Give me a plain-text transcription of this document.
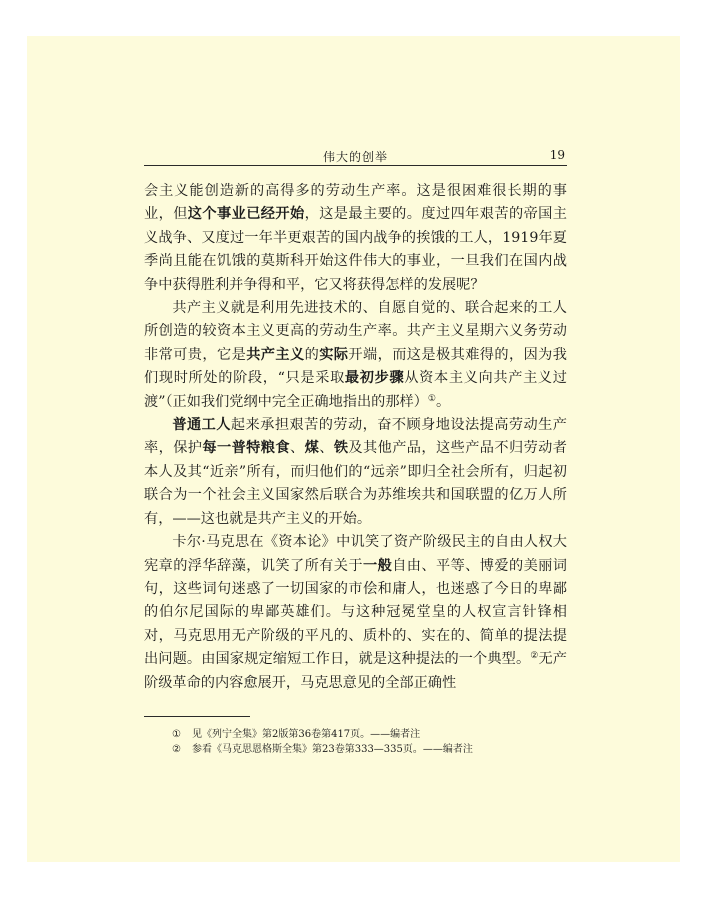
伟大的创举	19

会主义能创造新的高得多的劳动生产率。这是很困难很长期的事业，但这个事业已经开始，这是最主要的。度过四年艰苦的帝国主义战争、又度过一年半更艰苦的国内战争的挨饿的工人，1919年夏季尚且能在饥饿的莫斯科开始这件伟大的事业，一旦我们在国内战争中获得胜利并争得和平，它又将获得怎样的发展呢？

共产主义就是利用先进技术的、自愿自觉的、联合起来的工人所创造的较资本主义更高的劳动生产率。共产主义星期六义务劳动非常可贵，它是共产主义的实际开端，而这是极其难得的，因为我们现时所处的阶段，“只是采取最初步骤从资本主义向共产主义过渡”（正如我们党纲中完全正确地指出的那样）①。

普通工人起来承担艰苦的劳动，奋不顾身地设法提高劳动生产率，保护每一普特粮食、煤、铁及其他产品，这些产品不归劳动者本人及其“近亲”所有，而归他们的“远亲”即归全社会所有，归起初联合为一个社会主义国家然后联合为苏维埃共和国联盟的亿万人所有，——这也就是共产主义的开始。

卡尔·马克思在《资本论》中讥笑了资产阶级民主的自由人权大宪章的浮华辞藻，讥笑了所有关于一般自由、平等、博爱的美丽词句，这些词句迷惑了一切国家的市侩和庸人，也迷惑了今日的卑鄙的伯尔尼国际的卑鄙英雄们。与这种冠冕堂皇的人权宣言针锋相对，马克思用无产阶级的平凡的、质朴的、实在的、简单的提法提出问题。由国家规定缩短工作日，就是这种提法的一个典型。②无产阶级革命的内容愈展开，马克思意见的全部正确性

①	见《列宁全集》第2版第36卷第417页。——编者注
②	参看《马克思恩格斯全集》第23卷第333—335页。——编者注
